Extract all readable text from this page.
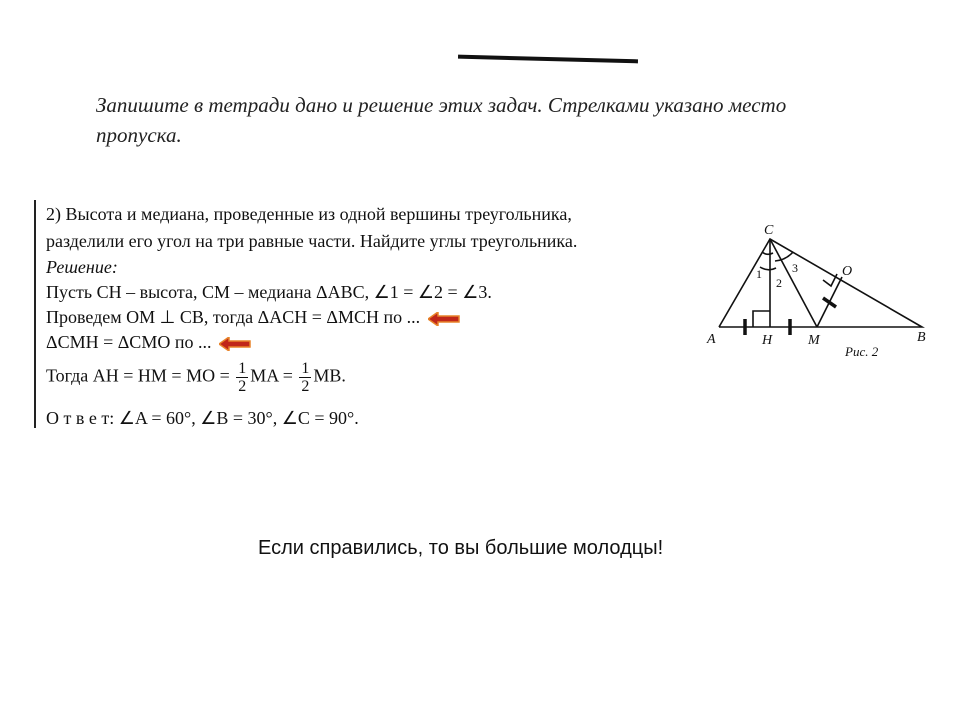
Запишите в тетради дано и решение этих задач. Стрелками указано место пропуска.
2) Высота и медиана, проведенные из одной вершины треугольника,
разделили его угол на три равные части. Найдите углы треугольника.
Решение:
Пусть CH – высота, CM – медиана ΔABC, ∠1 = ∠2 = ∠3.
Проведем OM ⊥ CB, тогда ΔACH = ΔMCH по ...
ΔCMH = ΔCMO по ...
Тогда AH = HM = MO = $\frac{1}{2}$ MA = $\frac{1}{2}$ MB.
О т в е т: ∠A = 60°, ∠B = 30°, ∠C = 90°.
C
A	H	M	B
O
1
2
3
Рис. 2
Если справились, то вы большие молодцы!
